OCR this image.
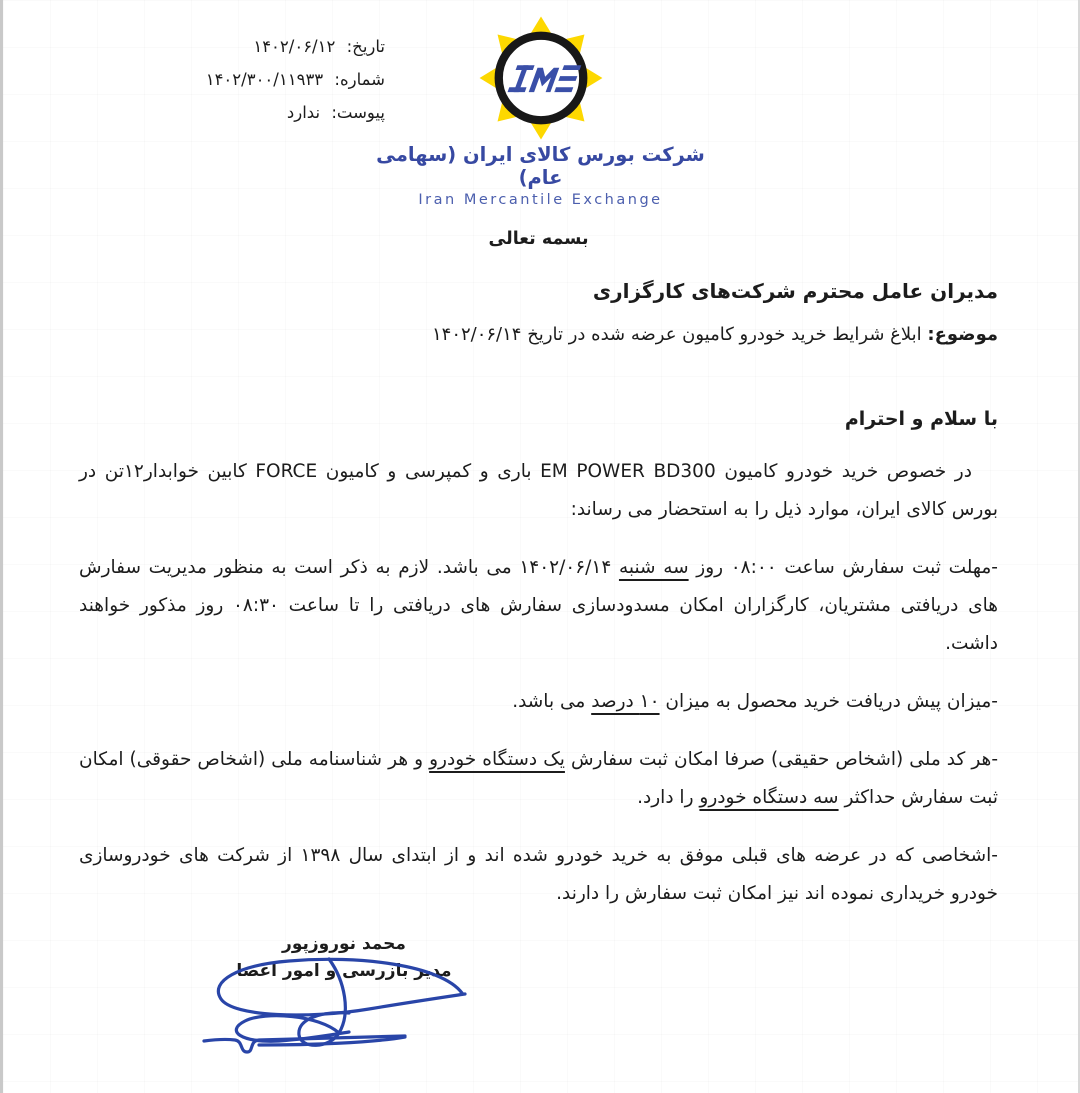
تاریخ: ۱۴۰۲/۰۶/۱۲
شماره: ۱۴۰۲/۳۰۰/۱۱۹۳۳
پیوست: ندارد
شرکت بورس کالای ایران (سهامی عام)
Iran Mercantile Exchange
بسمه تعالی
مدیران عامل محترم شرکت‌های کارگزاری
موضوع: ابلاغ شرایط خرید خودرو کامیون عرضه شده در تاریخ ۱۴۰۲/۰۶/۱۴
با سلام و احترام
در خصوص خرید خودرو کامیون EM POWER BD300 باری و کمپرسی و کامیون FORCE کابین خوابدار۱۲تن در بورس کالای ایران، موارد ذیل را به استحضار می رساند:
-مهلت ثبت سفارش ساعت ۰۸:۰۰ روز سه شنبه ۱۴۰۲/۰۶/۱۴ می باشد. لازم به ذکر است به منظور مدیریت سفارش های دریافتی مشتریان، کارگزاران امکان مسدودسازی سفارش های دریافتی را تا ساعت ۰۸:۳۰ روز مذکور خواهند داشت.
-میزان پیش دریافت خرید محصول به میزان ۱۰ درصد می باشد.
-هر کد ملی (اشخاص حقیقی) صرفا امکان ثبت سفارش یک دستگاه خودرو و هر شناسنامه ملی (اشخاص حقوقی) امکان ثبت سفارش حداکثر سه دستگاه خودرو را دارد.
-اشخاصی که در عرضه های قبلی موفق به خرید خودرو شده اند و از ابتدای سال ۱۳۹۸ از شرکت های خودروسازی خودرو خریداری نموده اند نیز امکان ثبت سفارش را دارند.
محمد نوروزپور
مدیر بازرسی و امور اعضا
